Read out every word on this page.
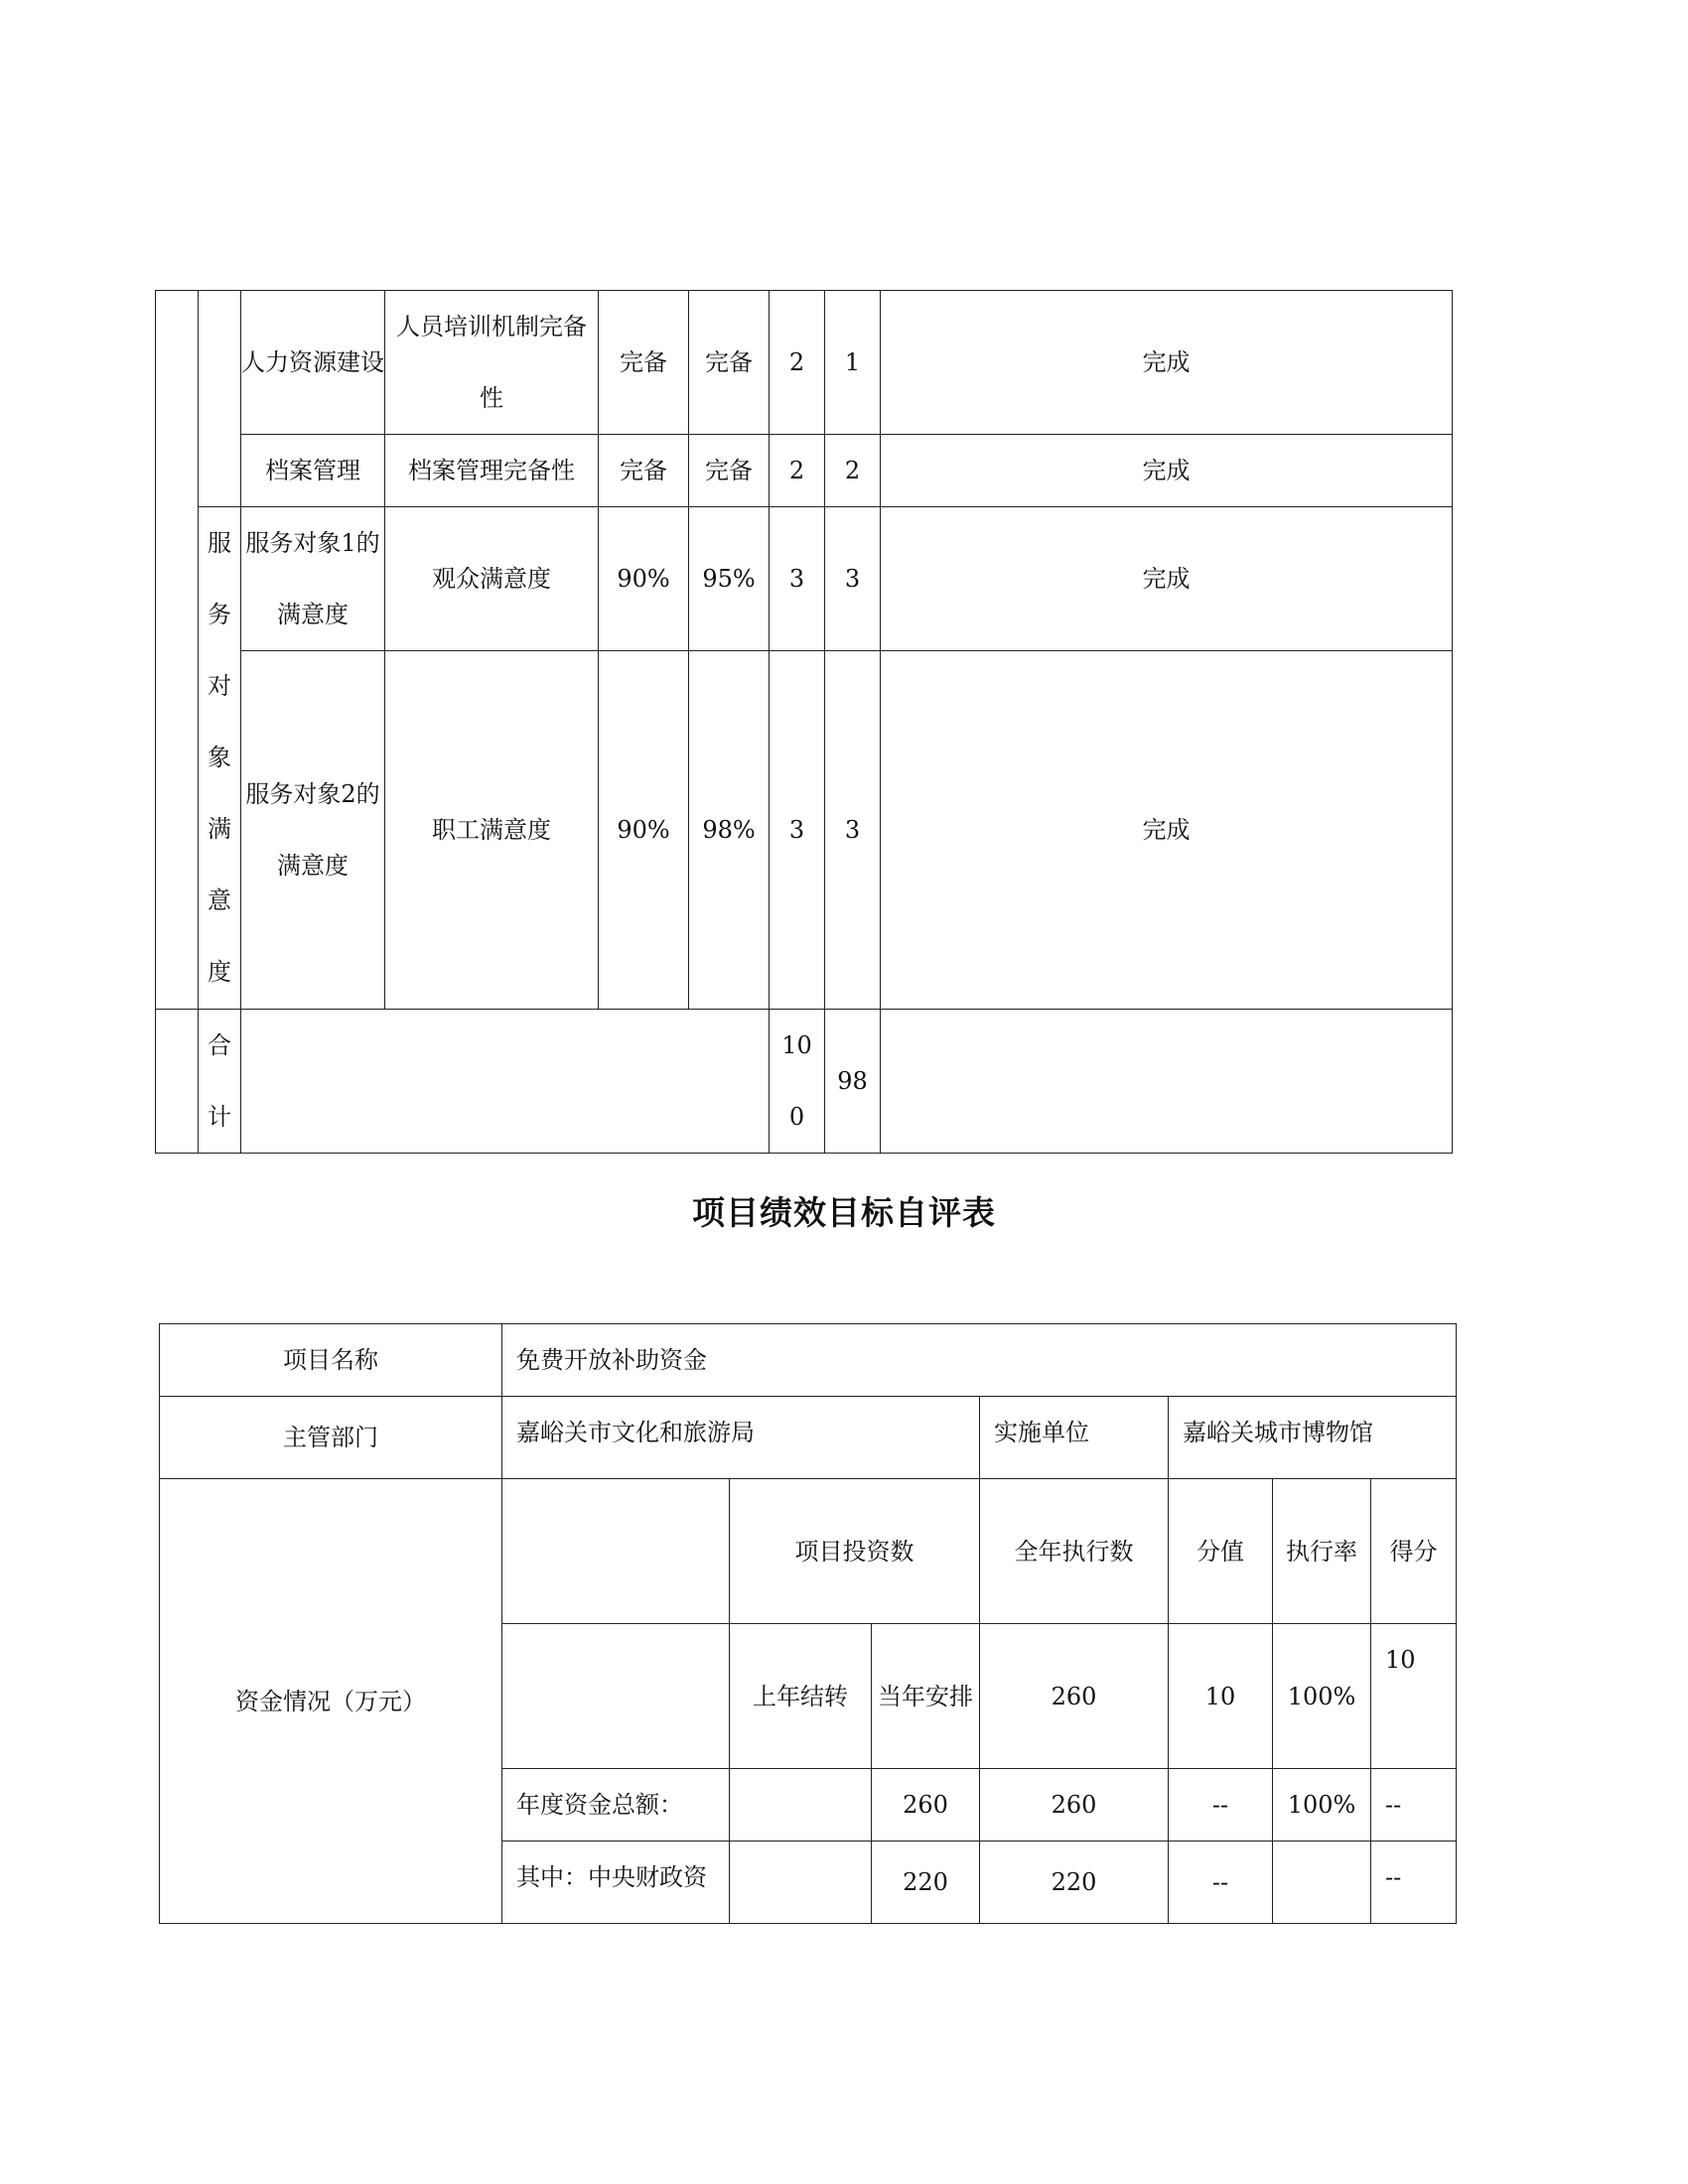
		人力资源建设	人员培训机制完备性	完备	完备	2	1	完成
		档案管理	档案管理完备性	完备	完备	2	2	完成
	服务对象满意度	服务对象1的满意度	观众满意度	90%	95%	3	3	完成
		服务对象2的满意度	职工满意度	90%	98%	3	3	完成
	合计					100	98	
项目绩效目标自评表
项目名称	免费开放补助资金						
主管部门	嘉峪关市文化和旅游局			实施单位	嘉峪关城市博物馆		
资金情况（万元）		项目投资数		全年执行数	分值	执行率	得分
		上年结转	当年安排	260	10	100%	10
	年度资金总额：		260	260	--	100%	--
	其中：中央财政资		220	220	--		--
